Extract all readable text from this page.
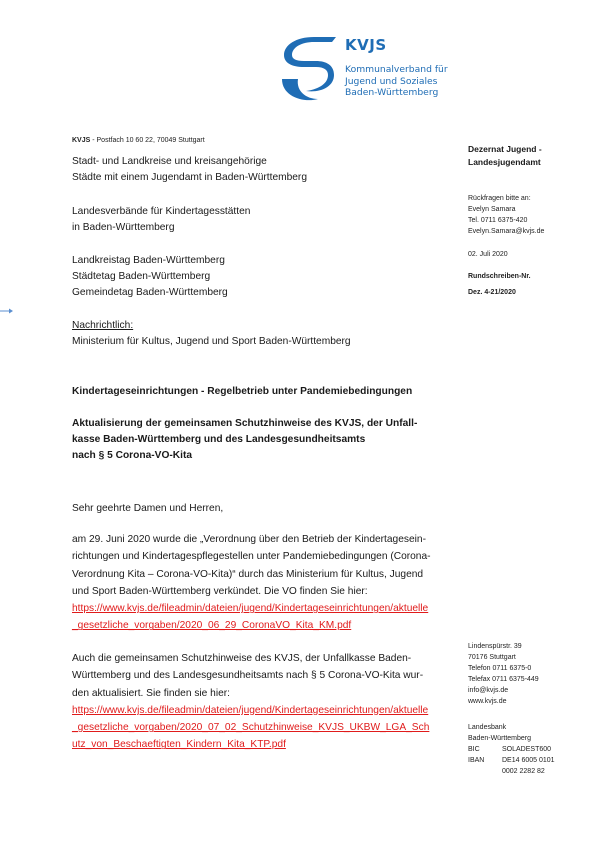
KVJS
Kommunalverband für
Jugend und Soziales
Baden-Württemberg
KVJS - Postfach 10 60 22, 70049 Stuttgart
Stadt- und Landkreise und kreisangehörige
Städte mit einem Jugendamt in Baden-Württemberg
Landesverbände für Kindertagesstätten
in Baden-Württemberg
Landkreistag Baden-Württemberg
Städtetag Baden-Württemberg
Gemeindetag Baden-Württemberg
Nachrichtlich:
Ministerium für Kultus, Jugend und Sport Baden-Württemberg
Dezernat Jugend -
Landesjugendamt
Rückfragen bitte an:
Evelyn Samara
Tel. 0711 6375-420
Evelyn.Samara@kvjs.de
02. Juli 2020
Rundschreiben-Nr.
Dez. 4-21/2020
Lindenspürstr. 39
70176 Stuttgart
Telefon 0711 6375-0
Telefax 0711 6375-449
info@kvjs.de
www.kvjs.de
Landesbank
Baden-Württemberg
BIC	SOLADEST600
IBAN	DE14 6005 0101
0002 2282 82
Kindertageseinrichtungen - Regelbetrieb unter Pandemiebedingungen
Aktualisierung der gemeinsamen Schutzhinweise des KVJS, der Unfall-
kasse Baden-Württemberg und des Landesgesundheitsamts
nach § 5 Corona-VO-Kita
Sehr geehrte Damen und Herren,
am 29. Juni 2020 wurde die „Verordnung über den Betrieb der Kindertagesein-
richtungen und Kindertagespflegestellen unter Pandemiebedingungen (Corona-
Verordnung Kita – Corona-VO-Kita)“ durch das Ministerium für Kultus, Jugend
und Sport Baden-Württemberg verkündet. Die VO finden Sie hier:
https://www.kvjs.de/fileadmin/dateien/jugend/Kindertageseinrichtungen/aktuelle
_gesetzliche_vorgaben/2020_06_29_CoronaVO_Kita_KM.pdf
Auch die gemeinsamen Schutzhinweise des KVJS, der Unfallkasse Baden-
Württemberg und des Landesgesundheitsamts nach § 5 Corona-VO-Kita wur-
den aktualisiert. Sie finden sie hier:
https://www.kvjs.de/fileadmin/dateien/jugend/Kindertageseinrichtungen/aktuelle
_gesetzliche_vorgaben/2020_07_02_Schutzhinweise_KVJS_UKBW_LGA_Sch
utz_von_Beschaeftigten_Kindern_Kita_KTP.pdf
